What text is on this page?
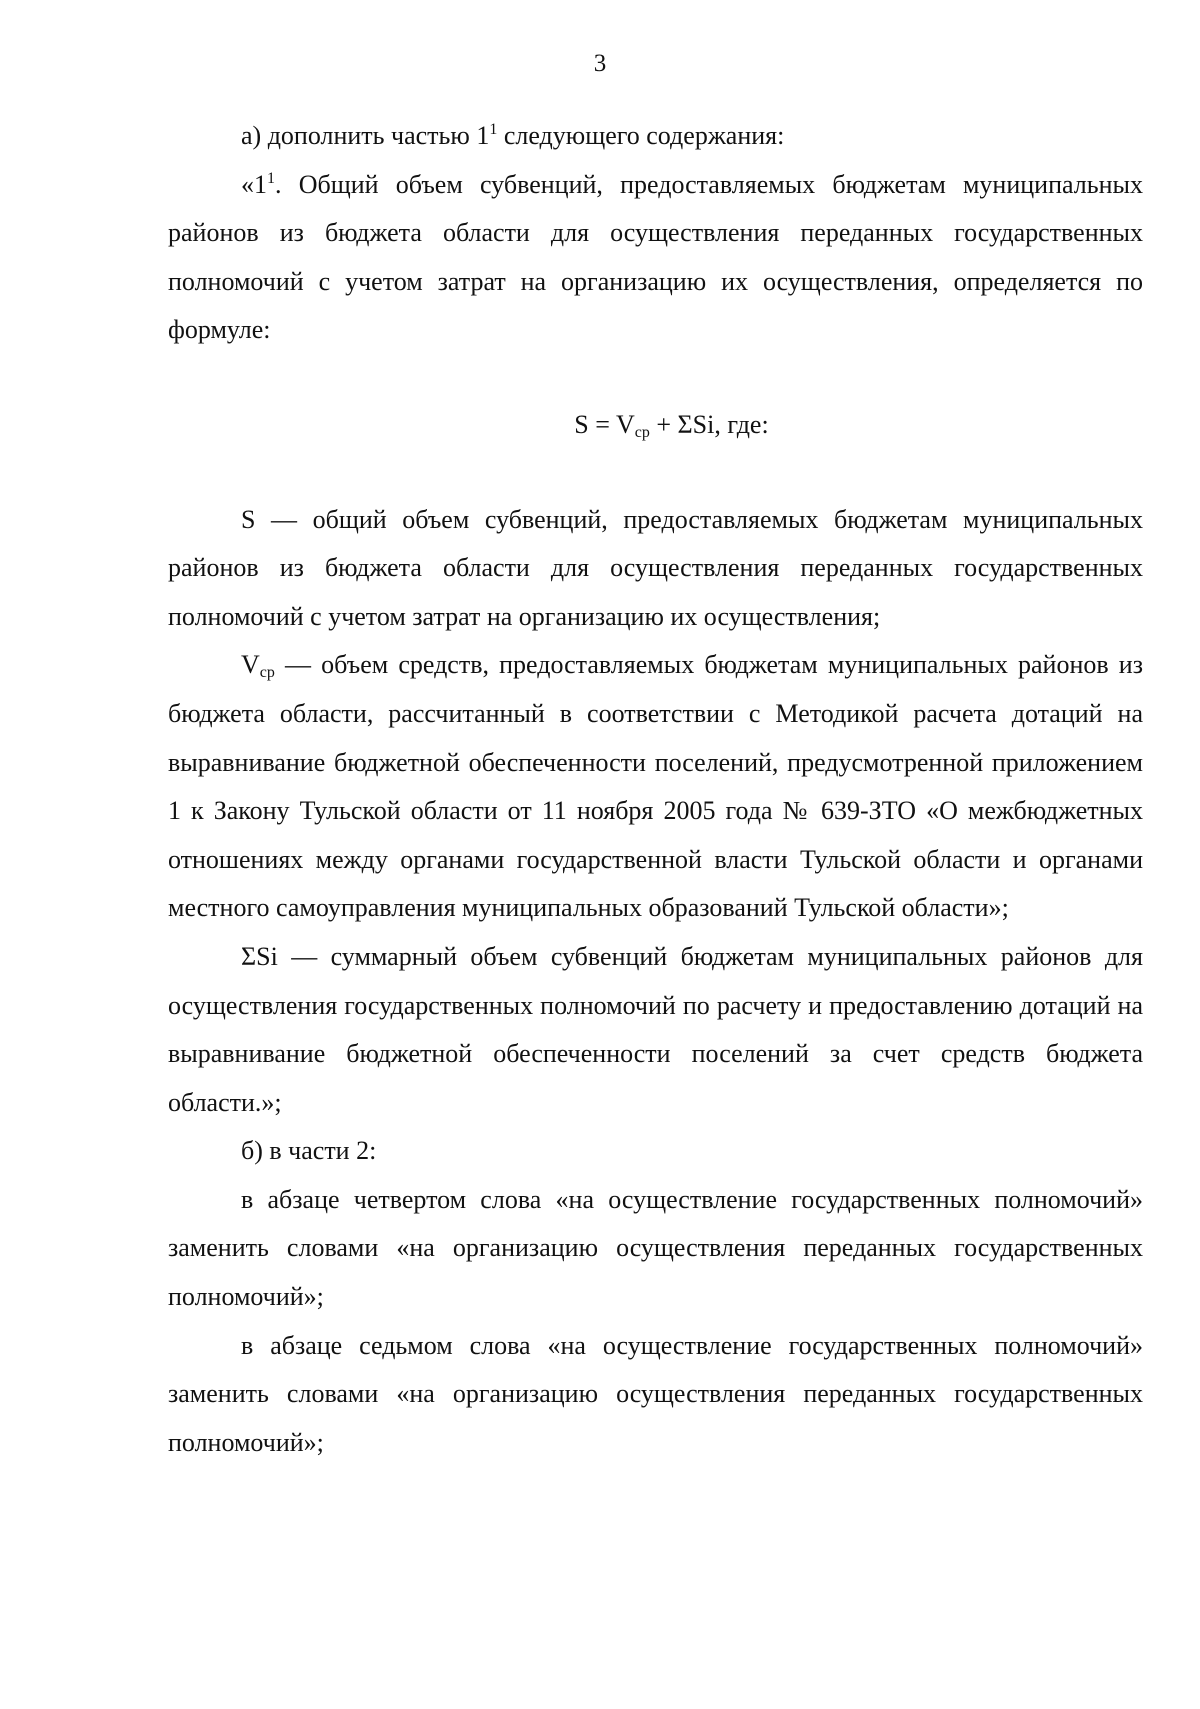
3

а) дополнить частью $1^1$ следующего содержания:

«$1^1$. Общий объем субвенций, предоставляемых бюджетам муниципальных районов из бюджета области для осуществления переданных государственных полномочий с учетом затрат на организацию их осуществления, определяется по формуле:

$S = V_{ср} + \Sigma Si$, где:

S — общий объем субвенций, предоставляемых бюджетам муниципальных районов из бюджета области для осуществления переданных государственных полномочий с учетом затрат на организацию их осуществления;

$V_{ср}$ — объем средств, предоставляемых бюджетам муниципальных районов из бюджета области, рассчитанный в соответствии с Методикой расчета дотаций на выравнивание бюджетной обеспеченности поселений, предусмотренной приложением 1 к Закону Тульской области от 11 ноября 2005 года № 639-ЗТО «О межбюджетных отношениях между органами государственной власти Тульской области и органами местного самоуправления муниципальных образований Тульской области»;

ΣSi — суммарный объем субвенций бюджетам муниципальных районов для осуществления государственных полномочий по расчету и предоставлению дотаций на выравнивание бюджетной обеспеченности поселений за счет средств бюджета области.»;

б) в части 2:

в абзаце четвертом слова «на осуществление государственных полномочий» заменить словами «на организацию осуществления переданных государственных полномочий»;

в абзаце седьмом слова «на осуществление государственных полномочий» заменить словами «на организацию осуществления переданных государственных полномочий»;
